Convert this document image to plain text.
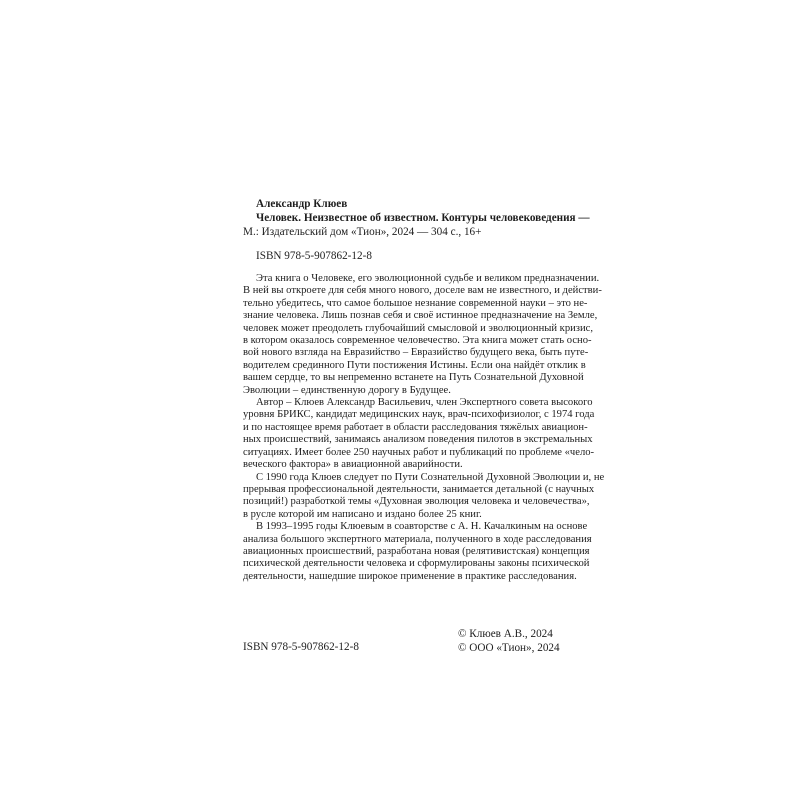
Александр Клюев
Человек. Неизвестное об известном. Контуры человековедения —
М.: Издательский дом «Тион», 2024 — 304 с., 16+
ISBN 978-5-907862-12-8
Эта книга о Человеке, его эволюционной судьбе и великом предназначении.
В ней вы откроете для себя много нового, доселе вам не известного, и действи-
тельно убедитесь, что самое большое незнание современной науки – это не-
знание человека. Лишь познав себя и своё истинное предназначение на Земле,
человек может преодолеть глубочайший смысловой и эволюционный кризис,
в котором оказалось современное человечество. Эта книга может стать осно-
вой нового взгляда на Евразийство – Евразийство будущего века, быть путе-
водителем срединного Пути постижения Истины. Если она найдёт отклик в
вашем сердце, то вы непременно встанете на Путь Сознательной Духовной
Эволюции – единственную дорогу в Будущее.
Автор – Клюев Александр Васильевич, член Экспертного совета высокого
уровня БРИКС, кандидат медицинских наук, врач-психофизиолог, с 1974 года
и по настоящее время работает в области расследования тяжёлых авиацион-
ных происшествий, занимаясь анализом поведения пилотов в экстремальных
ситуациях. Имеет более 250 научных работ и публикаций по проблеме «чело-
веческого фактора» в авиационной аварийности.
С 1990 года Клюев следует по Пути Сознательной Духовной Эволюции и, не
прерывая профессиональной деятельности, занимается детальной (с научных
позиций!) разработкой темы «Духовная эволюция человека и человечества»,
в русле которой им написано и издано более 25 книг.
В 1993–1995 годы Клюевым в соавторстве с А. Н. Качалкиным на основе
анализа большого экспертного материала, полученного в ходе расследования
авиационных происшествий, разработана новая (релятивистская) концепция
психической деятельности человека и сформулированы законы психической
деятельности, нашедшие широкое применение в практике расследования.
ISBN 978-5-907862-12-8
© Клюев А.В., 2024
© ООО «Тион», 2024
